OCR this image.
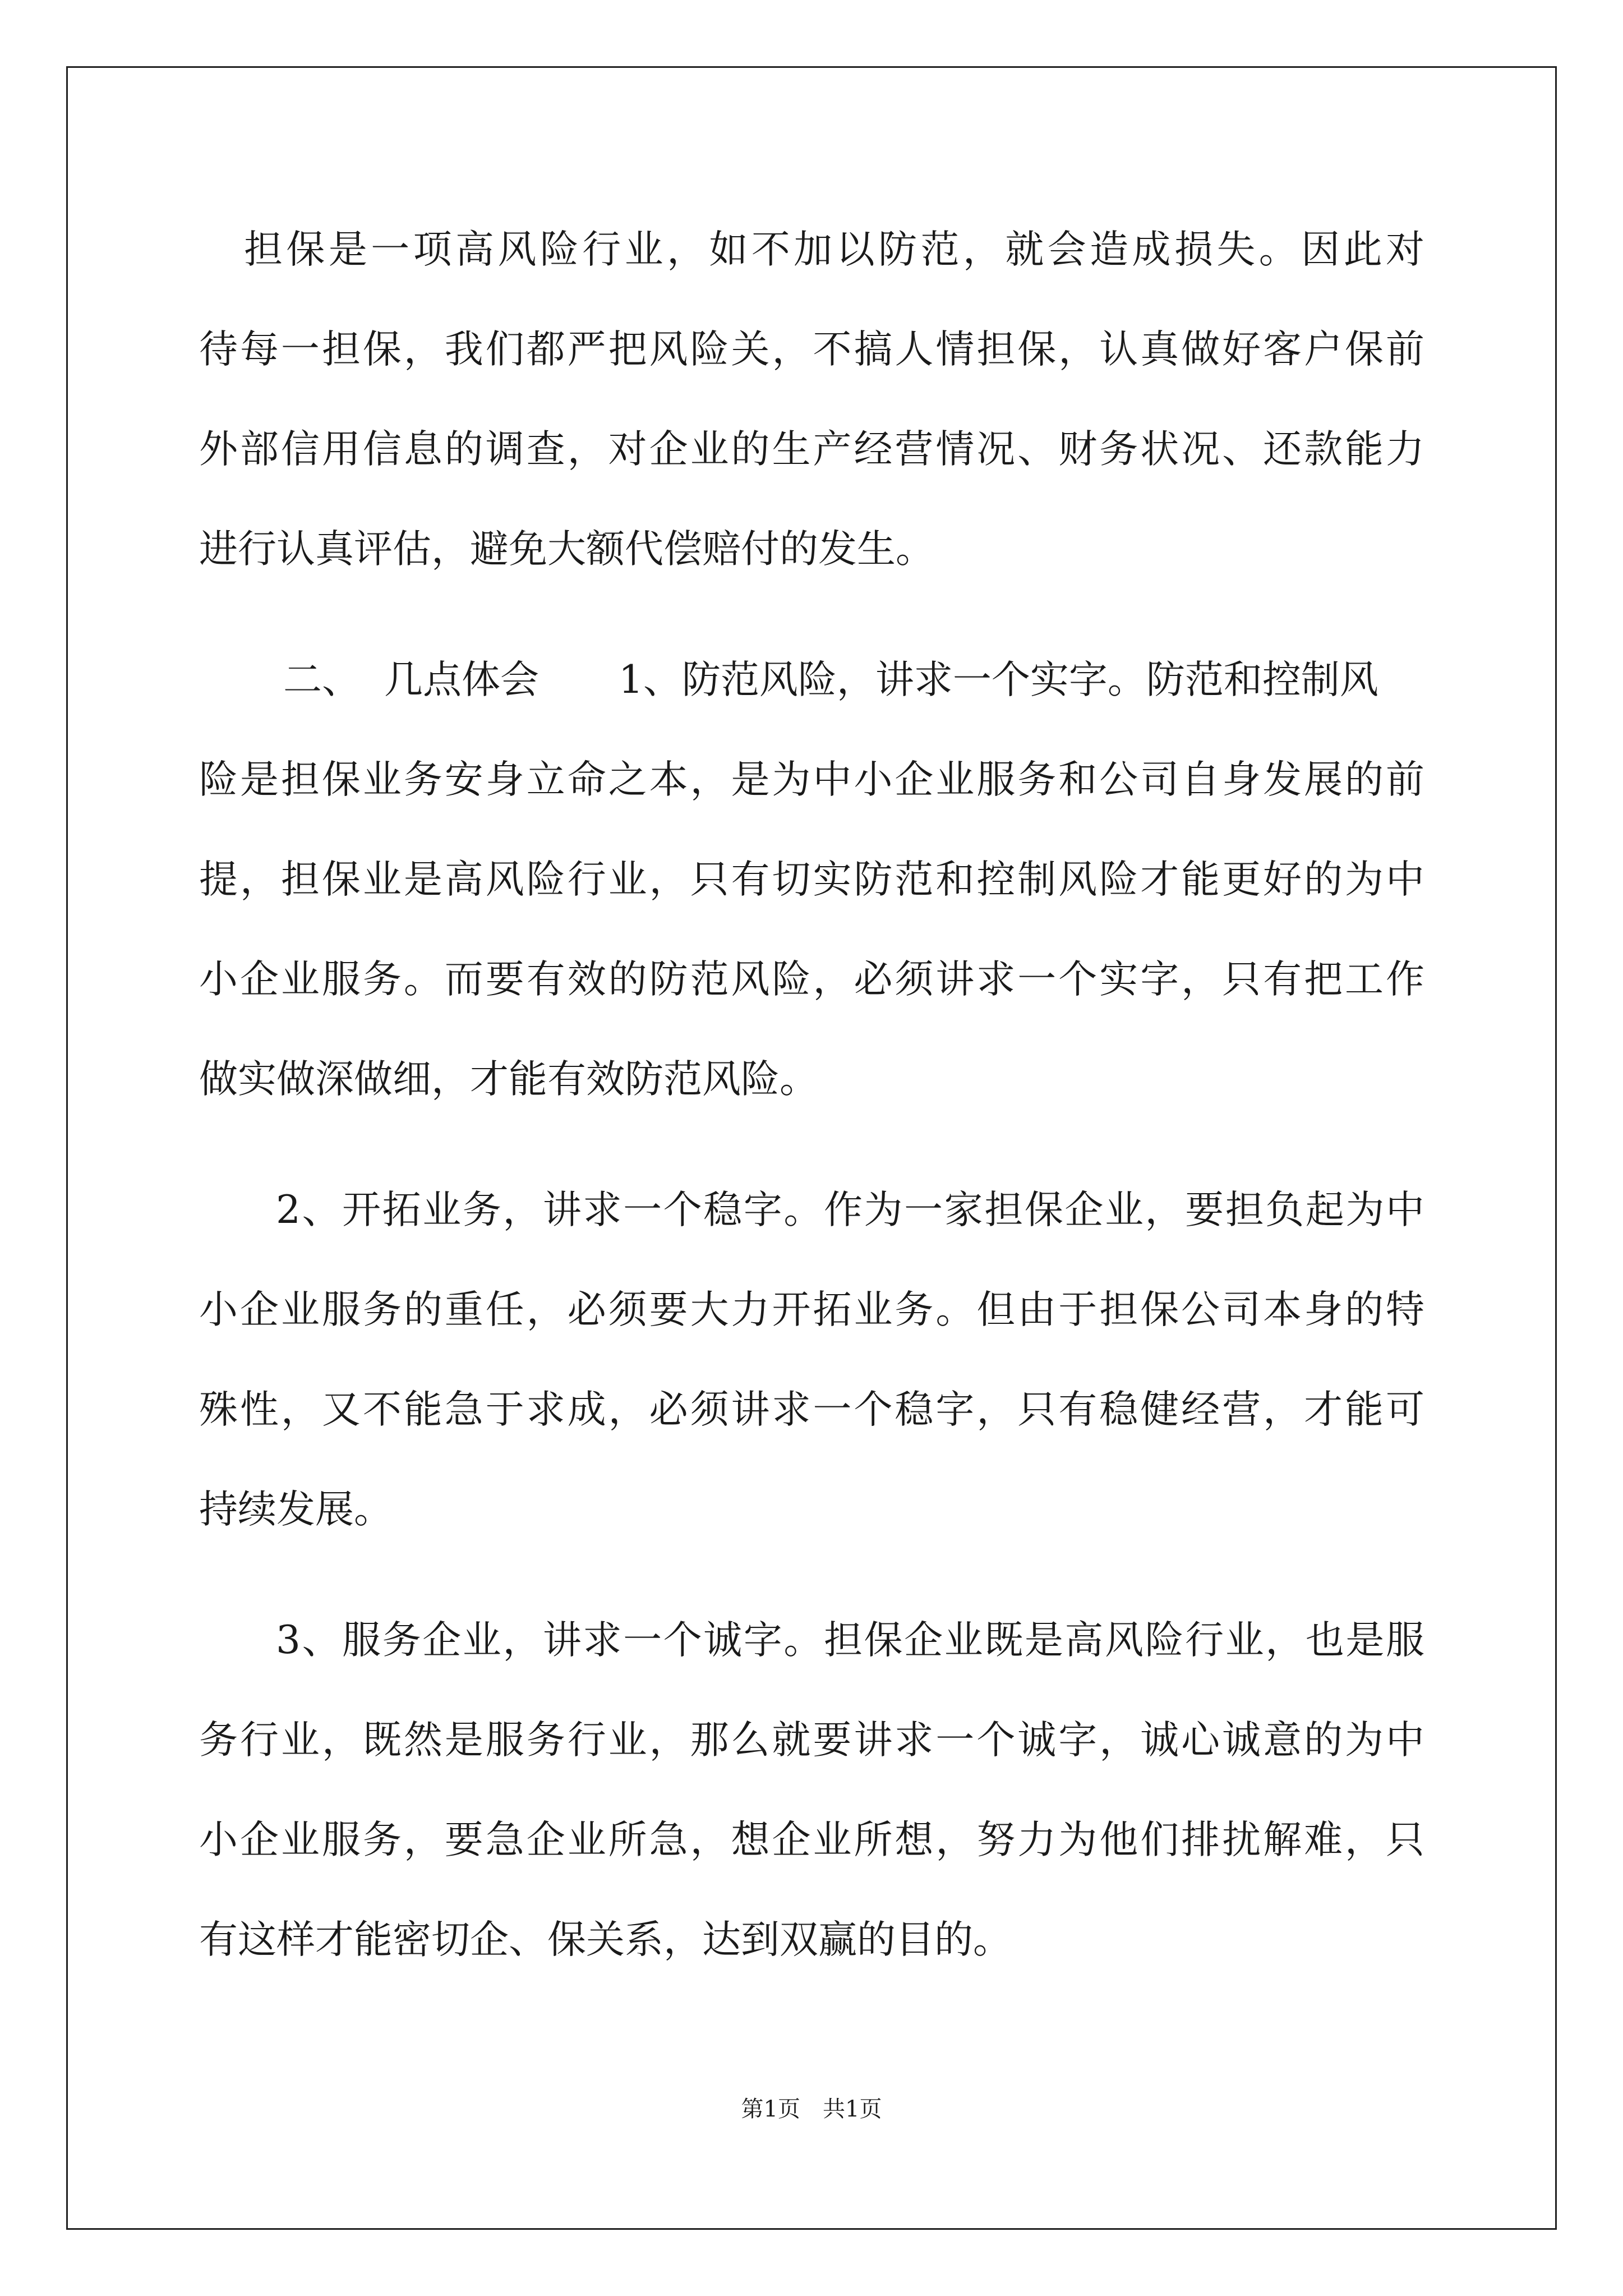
担保是一项高风险行业，如不加以防范，就会造成损失。因此对
待每一担保，我们都严把风险关，不搞人情担保，认真做好客户保前
外部信用信息的调查，对企业的生产经营情况、财务状况、还款能力
进行认真评估，避免大额代偿赔付的发生。
二、 几点体会 1、防范风险，讲求一个实字。防范和控制风
险是担保业务安身立命之本，是为中小企业服务和公司自身发展的前
提，担保业是高风险行业，只有切实防范和控制风险才能更好的为中
小企业服务。而要有效的防范风险，必须讲求一个实字，只有把工作
做实做深做细，才能有效防范风险。
2、开拓业务，讲求一个稳字。作为一家担保企业，要担负起为中
小企业服务的重任，必须要大力开拓业务。但由于担保公司本身的特
殊性，又不能急于求成，必须讲求一个稳字，只有稳健经营，才能可
持续发展。
3、服务企业，讲求一个诚字。担保企业既是高风险行业，也是服
务行业，既然是服务行业，那么就要讲求一个诚字，诚心诚意的为中
小企业服务，要急企业所急，想企业所想，努力为他们排扰解难，只
有这样才能密切企、保关系，达到双赢的目的。
第1页 共1页
